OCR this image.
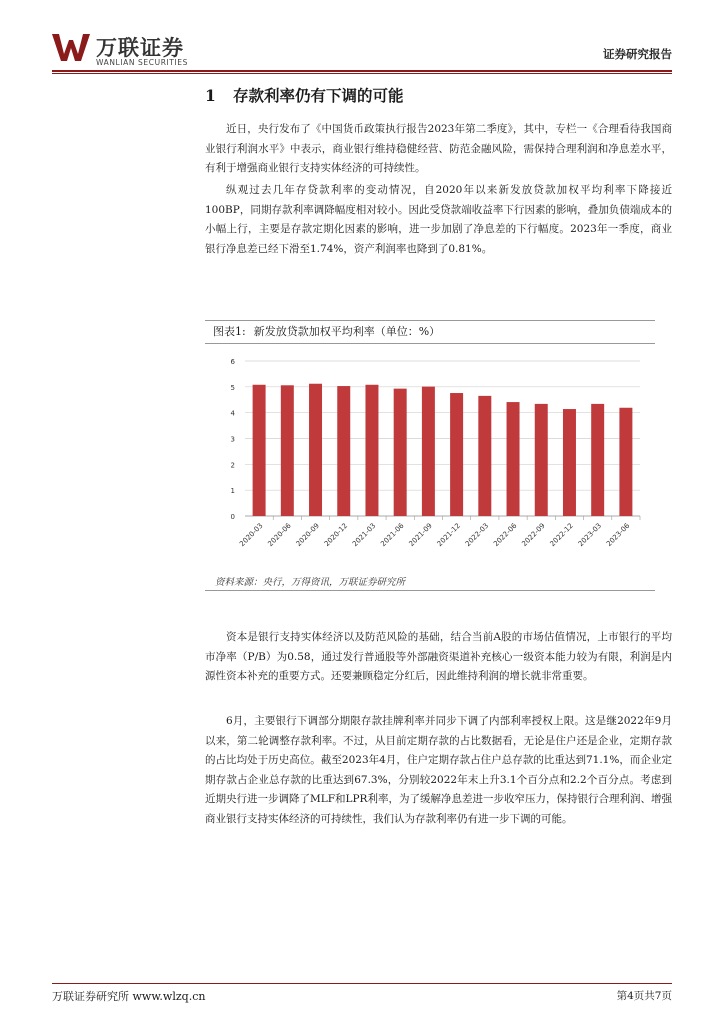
万联证券
WANLIAN SECURITIES
证券研究报告
1 存款利率仍有下调的可能

近日，央行发布了《中国货币政策执行报告2023年第二季度》，其中，专栏一《合理看待我国商业银行利润水平》中表示，商业银行维持稳健经营、防范金融风险，需保持合理利润和净息差水平，有利于增强商业银行支持实体经济的可持续性。

纵观过去几年存贷款利率的变动情况，自2020年以来新发放贷款加权平均利率下降接近100BP，同期存款利率调降幅度相对较小。因此受贷款端收益率下行因素的影响，叠加负债端成本的小幅上行，主要是存款定期化因素的影响，进一步加剧了净息差的下行幅度。2023年一季度，商业银行净息差已经下滑至1.74%，资产利润率也降到了0.81%。

图表1: 新发放贷款加权平均利率（单位：%）
0
1
2
3
4
5
6
2020-03 2020-06 2020-09 2020-12 2021-03 2021-06 2021-09 2021-12 2022-03 2022-06 2022-09 2022-12 2023-03 2023-06
资料来源：央行，万得资讯，万联证券研究所

资本是银行支持实体经济以及防范风险的基础，结合当前A股的市场估值情况，上市银行的平均市净率（P/B）为0.58，通过发行普通股等外部融资渠道补充核心一级资本能力较为有限，利润是内源性资本补充的重要方式。还要兼顾稳定分红后，因此维持利润的增长就非常重要。

6月，主要银行下调部分期限存款挂牌利率并同步下调了内部利率授权上限。这是继2022年9月以来，第二轮调整存款利率。不过，从目前定期存款的占比数据看，无论是住户还是企业，定期存款的占比均处于历史高位。截至2023年4月，住户定期存款占住户总存款的比重达到71.1%，而企业定期存款占企业总存款的比重达到67.3%，分别较2022年末上升3.1个百分点和2.2个百分点。考虑到近期央行进一步调降了MLF和LPR利率，为了缓解净息差进一步收窄压力，保持银行合理利润、增强商业银行支持实体经济的可持续性，我们认为存款利率仍有进一步下调的可能。

万联证券研究所 www.wlzq.cn	第4页共7页
